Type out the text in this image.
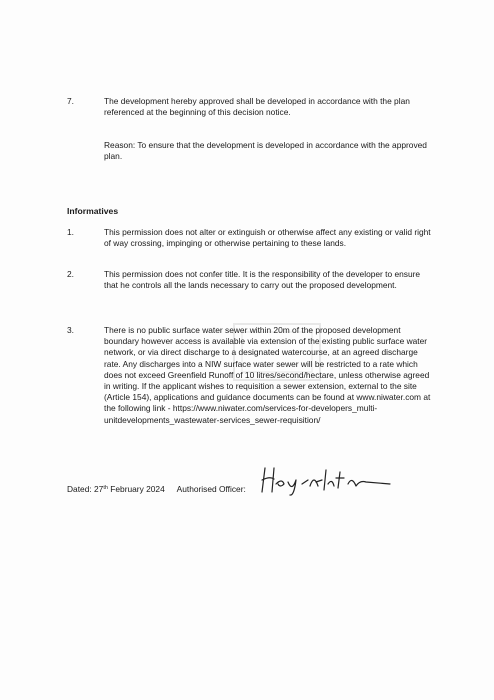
7.	The development hereby approved shall be developed in accordance with the plan referenced at the beginning of this decision notice.
Reason: To ensure that the development is developed in accordance with the approved plan.
Informatives
1.	This permission does not alter or extinguish or otherwise affect any existing or valid right of way crossing, impinging or otherwise pertaining to these lands.
2.	This permission does not confer title. It is the responsibility of the developer to ensure that he controls all the lands necessary to carry out the proposed development.
3.	There is no public surface water sewer within 20m of the proposed development boundary however access is available via extension of the existing public surface water network, or via direct discharge to a designated watercourse, at an agreed discharge rate. Any discharges into a NIW surface water sewer will be restricted to a rate which does not exceed Greenfield Runoff of 10 litres/second/hectare, unless otherwise agreed in writing. If the applicant wishes to requisition a sewer extension, external to the site (Article 154), applications and guidance documents can be found at www.niwater.com at the following link - https://www.niwater.com/services-for-developers_multi-unitdevelopments_wastewater-services_sewer-requisition/
Dated: 27th February 2024 Authorised Officer:
